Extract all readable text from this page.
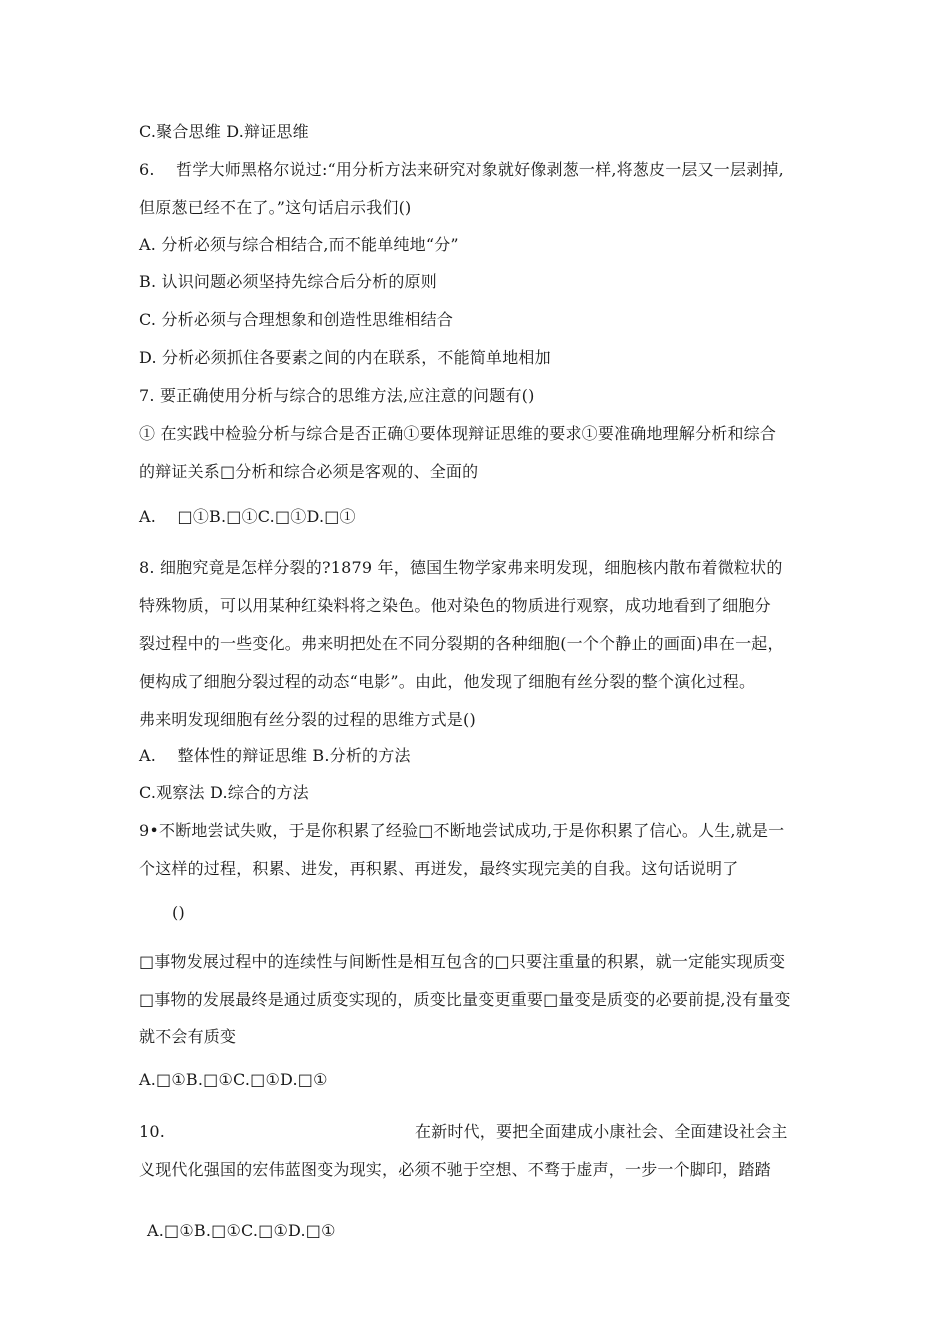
C.聚合思维 D.辩证思维
6.　 哲学大师黑格尔说过:“用分析方法来研究对象就好像剥葱一样,将葱皮一层又一层剥掉,
但原葱已经不在了。”这句话启示我们()
A. 分析必须与综合相结合,而不能单纯地“分”
B. 认识问题必须坚持先综合后分析的原则
C. 分析必须与合理想象和创造性思维相结合
D. 分析必须抓住各要素之间的内在联系，不能简单地相加
7. 要正确使用分析与综合的思维方法,应注意的问题有()
① 在实践中检验分析与综合是否正确①要体现辩证思维的要求①要准确地理解分析和综合
的辩证关系□分析和综合必须是客观的、全面的
A.　 □①B.□①C.□①D.□①
8. 细胞究竟是怎样分裂的?1879 年，德国生物学家弗来明发现，细胞核内散布着微粒状的
特殊物质，可以用某种红染料将之染色。他对染色的物质进行观察，成功地看到了细胞分
裂过程中的一些变化。弗来明把处在不同分裂期的各种细胞(一个个静止的画面)串在一起，
便构成了细胞分裂过程的动态“电影”。由此，他发现了细胞有丝分裂的整个演化过程。
弗来明发现细胞有丝分裂的过程的思维方式是()
A.　 整体性的辩证思维 B.分析的方法
C.观察法 D.综合的方法
9•不断地尝试失败，于是你积累了经验□不断地尝试成功,于是你积累了信心。人生,就是一
个这样的过程，积累、进发，再积累、再迸发，最终实现完美的自我。这句话说明了
()
□事物发展过程中的连续性与间断性是相互包含的□只要注重量的积累，就一定能实现质变
□事物的发展最终是通过质变实现的，质变比量变更重要□量变是质变的必要前提,没有量变
就不会有质变
A.□①B.□①C.□①D.□①
10.	在新时代，要把全面建成小康社会、全面建设社会主
义现代化强国的宏伟蓝图变为现实，必须不驰于空想、不骛于虚声，一步一个脚印，踏踏
A.□①B.□①C.□①D.□①
